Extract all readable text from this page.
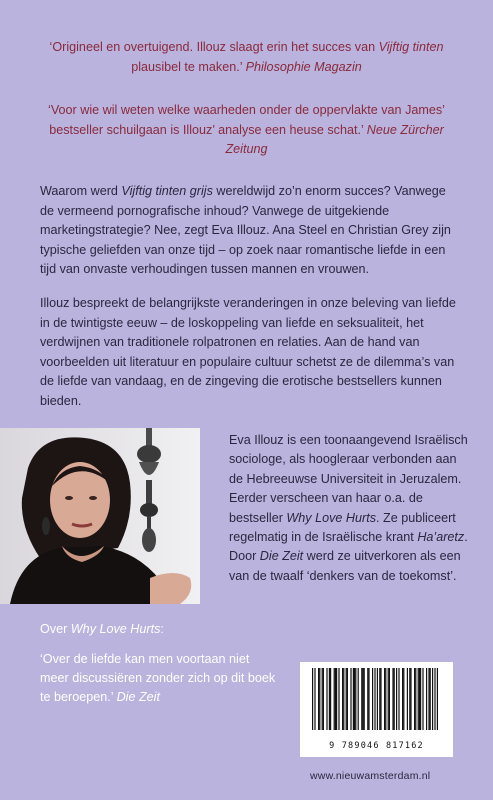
‘Origineel en overtuigend. Illouz slaagt erin het succes van Vijftig tinten plausibel te maken.’ Philosophie Magazin

‘Voor wie wil weten welke waarheden onder de oppervlakte van James’ bestseller schuilgaan is Illouz’ analyse een heuse schat.’ Neue Zürcher Zeitung

Waarom werd Vijftig tinten grijs wereldwijd zo’n enorm succes? Vanwege de vermeend pornografische inhoud? Vanwege de uitgekiende marketingstrategie? Nee, zegt Eva Illouz. Ana Steel en Christian Grey zijn typische geliefden van onze tijd – op zoek naar romantische liefde in een tijd van onvaste verhoudingen tussen mannen en vrouwen.

Illouz bespreekt de belangrijkste veranderingen in onze beleving van liefde in de twintigste eeuw – de loskoppeling van liefde en seksualiteit, het verdwijnen van traditionele rolpatronen en relaties. Aan de hand van voorbeelden uit literatuur en populaire cultuur schetst ze de dilemma’s van de liefde van vandaag, en de zingeving die erotische bestsellers kunnen bieden.

Eva Illouz is een toonaangevend Israëlisch sociologe, als hoogleraar verbonden aan de Hebreeuwse Universiteit in Jeruzalem. Eerder verscheen van haar o.a. de bestseller Why Love Hurts. Ze publiceert regelmatig in de Israëlische krant Ha’aretz. Door Die Zeit werd ze uitverkoren als een van de twaalf ‘denkers van de toekomst’.

Over Why Love Hurts:

‘Over de liefde kan men voortaan niet meer discussiëren zonder zich op dit boek te beroepen.’ Die Zeit

9 789046 817162
www.nieuwamsterdam.nl
